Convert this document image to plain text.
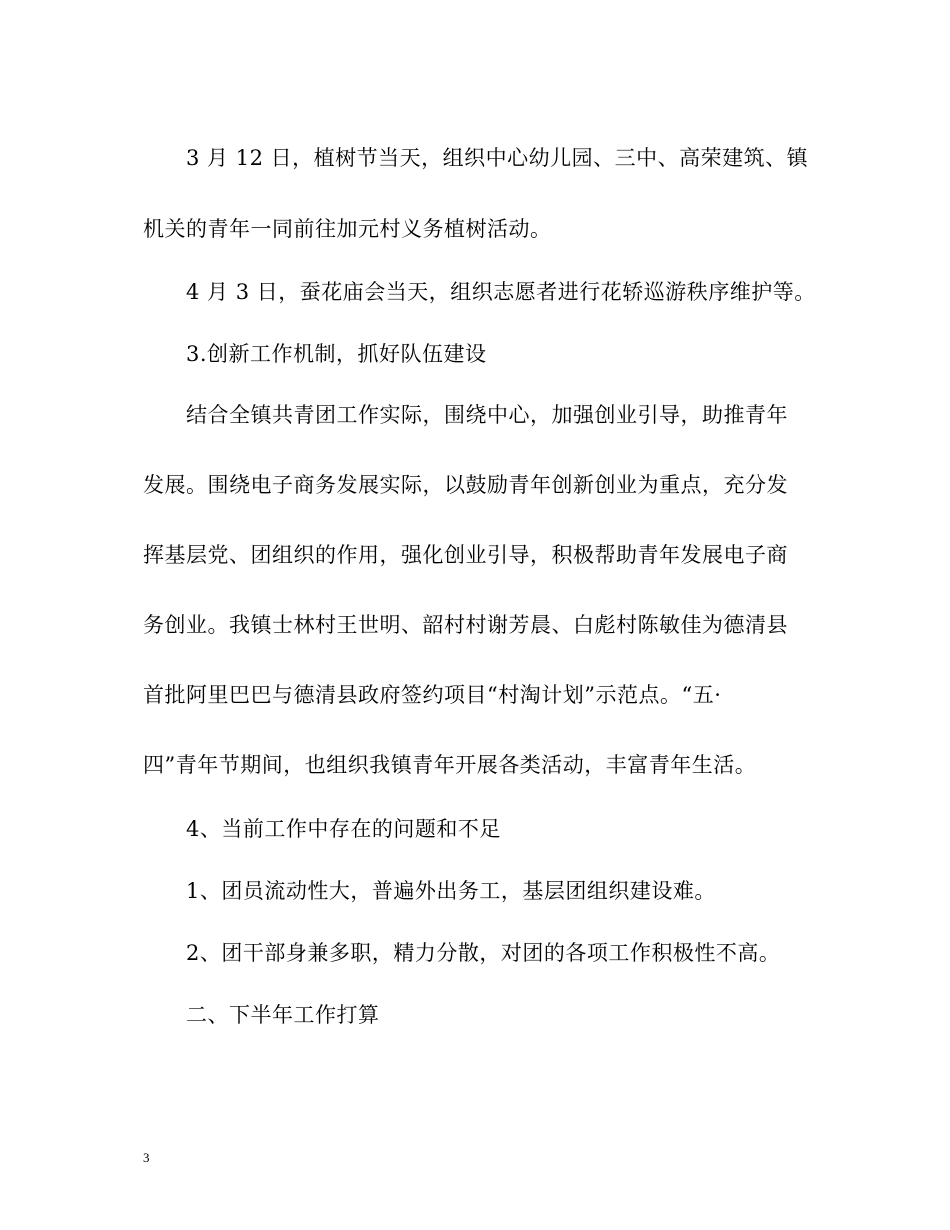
3 月 12 日，植树节当天，组织中心幼儿园、三中、高荣建筑、镇
机关的青年一同前往加元村义务植树活动。
4 月 3 日，蚕花庙会当天，组织志愿者进行花轿巡游秩序维护等。
3.创新工作机制，抓好队伍建设
结合全镇共青团工作实际，围绕中心，加强创业引导，助推青年
发展。围绕电子商务发展实际，以鼓励青年创新创业为重点，充分发
挥基层党、团组织的作用，强化创业引导，积极帮助青年发展电子商
务创业。我镇士林村王世明、韶村村谢芳晨、白彪村陈敏佳为德清县
首批阿里巴巴与德清县政府签约项目“村淘计划”示范点。“五·
四”青年节期间，也组织我镇青年开展各类活动，丰富青年生活。
4、当前工作中存在的问题和不足
1、团员流动性大，普遍外出务工，基层团组织建设难。
2、团干部身兼多职，精力分散，对团的各项工作积极性不高。
二、下半年工作打算
3
